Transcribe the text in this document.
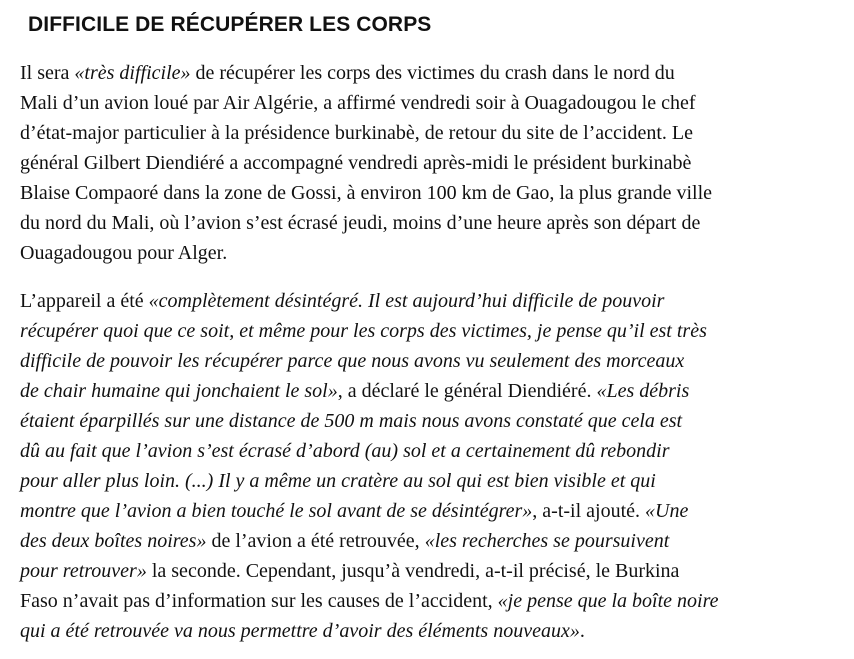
DIFFICILE DE RÉCUPÉRER LES CORPS

Il sera «très difficile» de récupérer les corps des victimes du crash dans le nord du
Mali d’un avion loué par Air Algérie, a affirmé vendredi soir à Ouagadougou le chef
d’état-major particulier à la présidence burkinabè, de retour du site de l’accident. Le
général Gilbert Diendiéré a accompagné vendredi après-midi le président burkinabè
Blaise Compaoré dans la zone de Gossi, à environ 100 km de Gao, la plus grande ville
du nord du Mali, où l’avion s’est écrasé jeudi, moins d’une heure après son départ de
Ouagadougou pour Alger.

L’appareil a été «complètement désintégré. Il est aujourd’hui difficile de pouvoir
récupérer quoi que ce soit, et même pour les corps des victimes, je pense qu’il est très
difficile de pouvoir les récupérer parce que nous avons vu seulement des morceaux
de chair humaine qui jonchaient le sol», a déclaré le général Diendiéré. «Les débris
étaient éparpillés sur une distance de 500 m mais nous avons constaté que cela est
dû au fait que l’avion s’est écrasé d’abord (au) sol et a certainement dû rebondir
pour aller plus loin. (...) Il y a même un cratère au sol qui est bien visible et qui
montre que l’avion a bien touché le sol avant de se désintégrer», a-t-il ajouté. «Une
des deux boîtes noires» de l’avion a été retrouvée, «les recherches se poursuivent
pour retrouver» la seconde. Cependant, jusqu’à vendredi, a-t-il précisé, le Burkina
Faso n’avait pas d’information sur les causes de l’accident, «je pense que la boîte noire
qui a été retrouvée va nous permettre d’avoir des éléments nouveaux».
